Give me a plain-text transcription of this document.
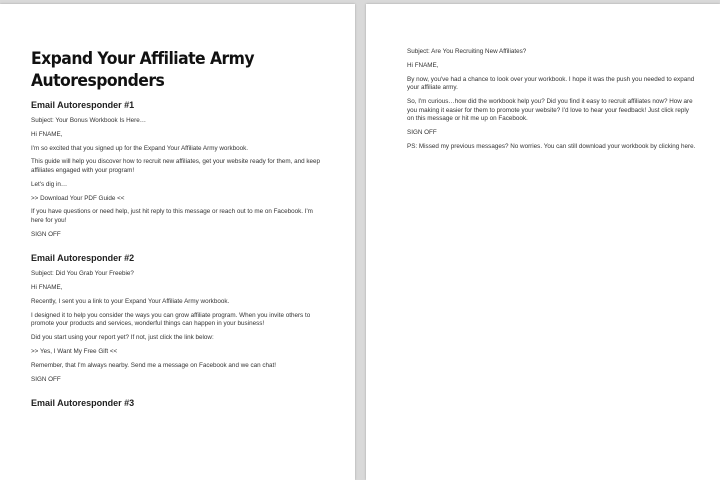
Expand Your Affiliate Army Autoresponders
Email Autoresponder #1
Subject: Your Bonus Workbook Is Here…
Hi FNAME,
I'm so excited that you signed up for the Expand Your Affiliate Army workbook.
This guide will help you discover how to recruit new affiliates, get your website ready for them, and keep affiliates engaged with your program!
Let's dig in…
>> Download Your PDF Guide <<
If you have questions or need help, just hit reply to this message or reach out to me on Facebook. I'm here for you!
SIGN OFF
Email Autoresponder #2
Subject: Did You Grab Your Freebie?
Hi FNAME,
Recently, I sent you a link to your Expand Your Affiliate Army workbook.
I designed it to help you consider the ways you can grow affiliate program. When you invite others to promote your products and services, wonderful things can happen in your business!
Did you start using your report yet? If not, just click the link below:
>> Yes, I Want My Free Gift <<
Remember, that I'm always nearby. Send me a message on Facebook and we can chat!
SIGN OFF
Email Autoresponder #3
Subject: Are You Recruiting New Affiliates?
Hi FNAME,
By now, you've had a chance to look over your workbook. I hope it was the push you needed to expand your affiliate army.
So, I'm curious…how did the workbook help you? Did you find it easy to recruit affiliates now? How are you making it easier for them to promote your website? I'd love to hear your feedback! Just click reply on this message or hit me up on Facebook.
SIGN OFF
PS: Missed my previous messages? No worries. You can still download your workbook by clicking here.
